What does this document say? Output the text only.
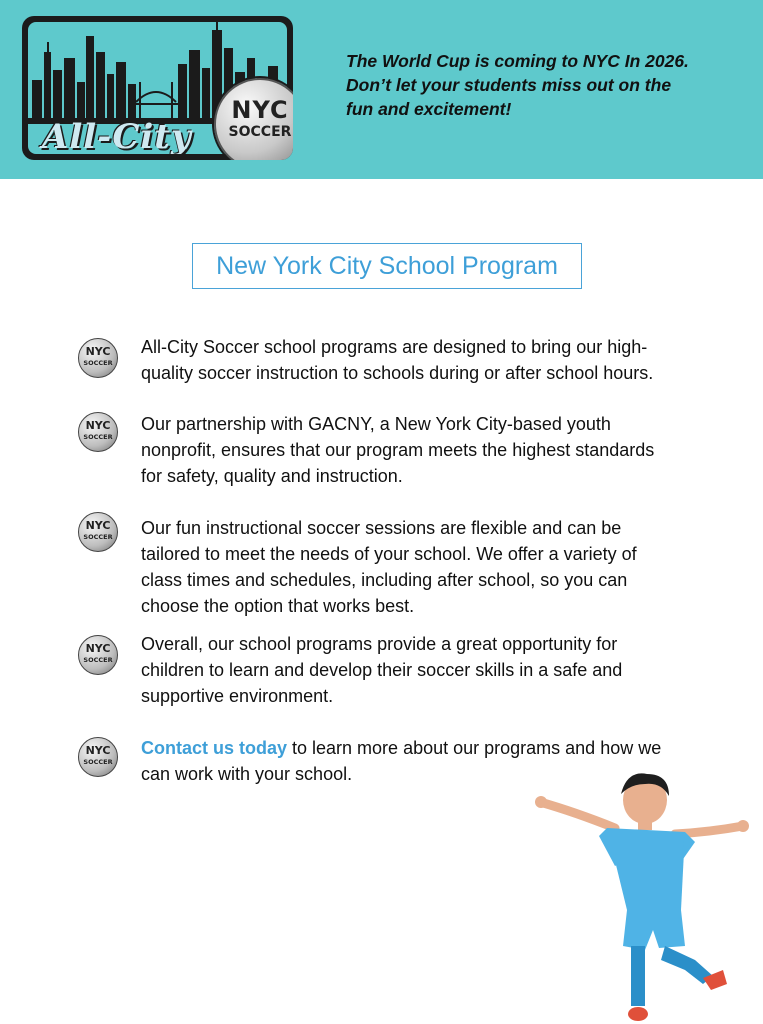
All-City
NYC
SOCCER
The World Cup is coming to NYC In 2026.
Don’t let your students miss out on the
fun and excitement!
New York City School Program
NYC
SOCCER
All-City Soccer school programs are designed to bring our high-
quality soccer instruction to schools during or after school hours.
NYC
SOCCER
Our partnership with GACNY, a New York City-based youth
nonprofit, ensures that our program meets the highest standards
for safety, quality and instruction.
NYC
SOCCER Our fun instructional soccer sessions are flexible and can be
tailored to meet the needs of your school. We offer a variety of
class times and schedules, including after school, so you can
choose the option that works best.
NYC
SOCCER
Overall, our school programs provide a great opportunity for
children to learn and develop their soccer skills in a safe and
supportive environment.
NYC
SOCCER
Contact us today to learn more about our programs and how we
can work with your school.
